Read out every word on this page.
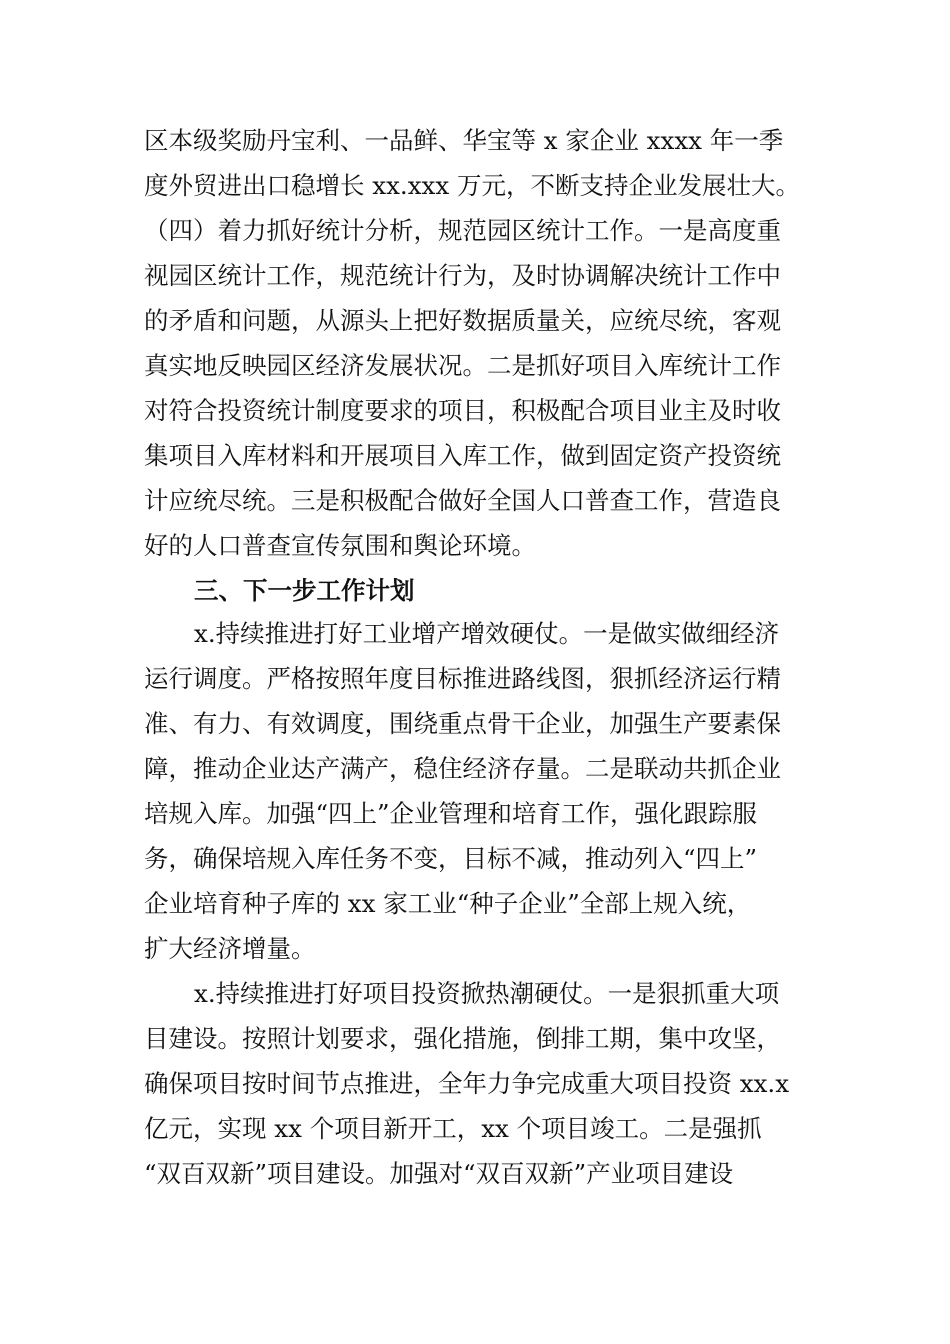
区本级奖励丹宝利、一品鲜、华宝等 x 家企业 xxxx 年一季
度外贸进出口稳增长 xx.xxx 万元，不断支持企业发展壮大。
（四）着力抓好统计分析，规范园区统计工作。一是高度重
视园区统计工作，规范统计行为，及时协调解决统计工作中
的矛盾和问题，从源头上把好数据质量关，应统尽统，客观
真实地反映园区经济发展状况。二是抓好项目入库统计工作
对符合投资统计制度要求的项目，积极配合项目业主及时收
集项目入库材料和开展项目入库工作，做到固定资产投资统
计应统尽统。三是积极配合做好全国人口普查工作，营造良
好的人口普查宣传氛围和舆论环境。
三、下一步工作计划
x.持续推进打好工业增产增效硬仗。一是做实做细经济
运行调度。严格按照年度目标推进路线图，狠抓经济运行精
准、有力、有效调度，围绕重点骨干企业，加强生产要素保
障，推动企业达产满产，稳住经济存量。二是联动共抓企业
培规入库。加强“四上”企业管理和培育工作，强化跟踪服
务，确保培规入库任务不变，目标不减，推动列入“四上”
企业培育种子库的 xx 家工业“种子企业”全部上规入统，
扩大经济增量。
x.持续推进打好项目投资掀热潮硬仗。一是狠抓重大项
目建设。按照计划要求，强化措施，倒排工期，集中攻坚，
确保项目按时间节点推进，全年力争完成重大项目投资 xx.x
亿元，实现 xx 个项目新开工，xx 个项目竣工。二是强抓
“双百双新”项目建设。加强对“双百双新”产业项目建设
